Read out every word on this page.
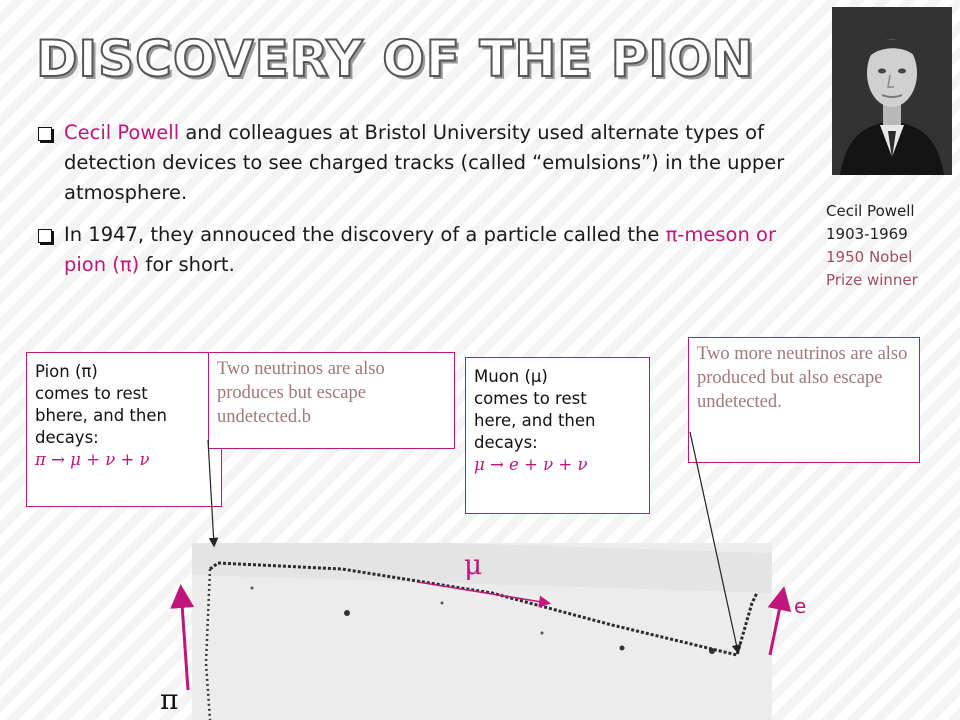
DISCOVERY OF THE PION
Cecil Powell
1903-1969
1950 Nobel
Prize winner
Cecil Powell and colleagues at Bristol University used alternate types of detection devices to see charged tracks (called “emulsions”) in the upper atmosphere.
In 1947, they annouced the discovery of a particle called the π-meson or pion (π) for short.
Pion (π)
comes to rest
bhere, and then
decays:
π → μ + ν + ν
Two neutrinos are also produces but escape undetected.b
Muon (μ)
comes to rest
here, and then
decays:
μ → e + ν + ν
Two more neutrinos are also produced but also escape undetected.
π
μ
e
